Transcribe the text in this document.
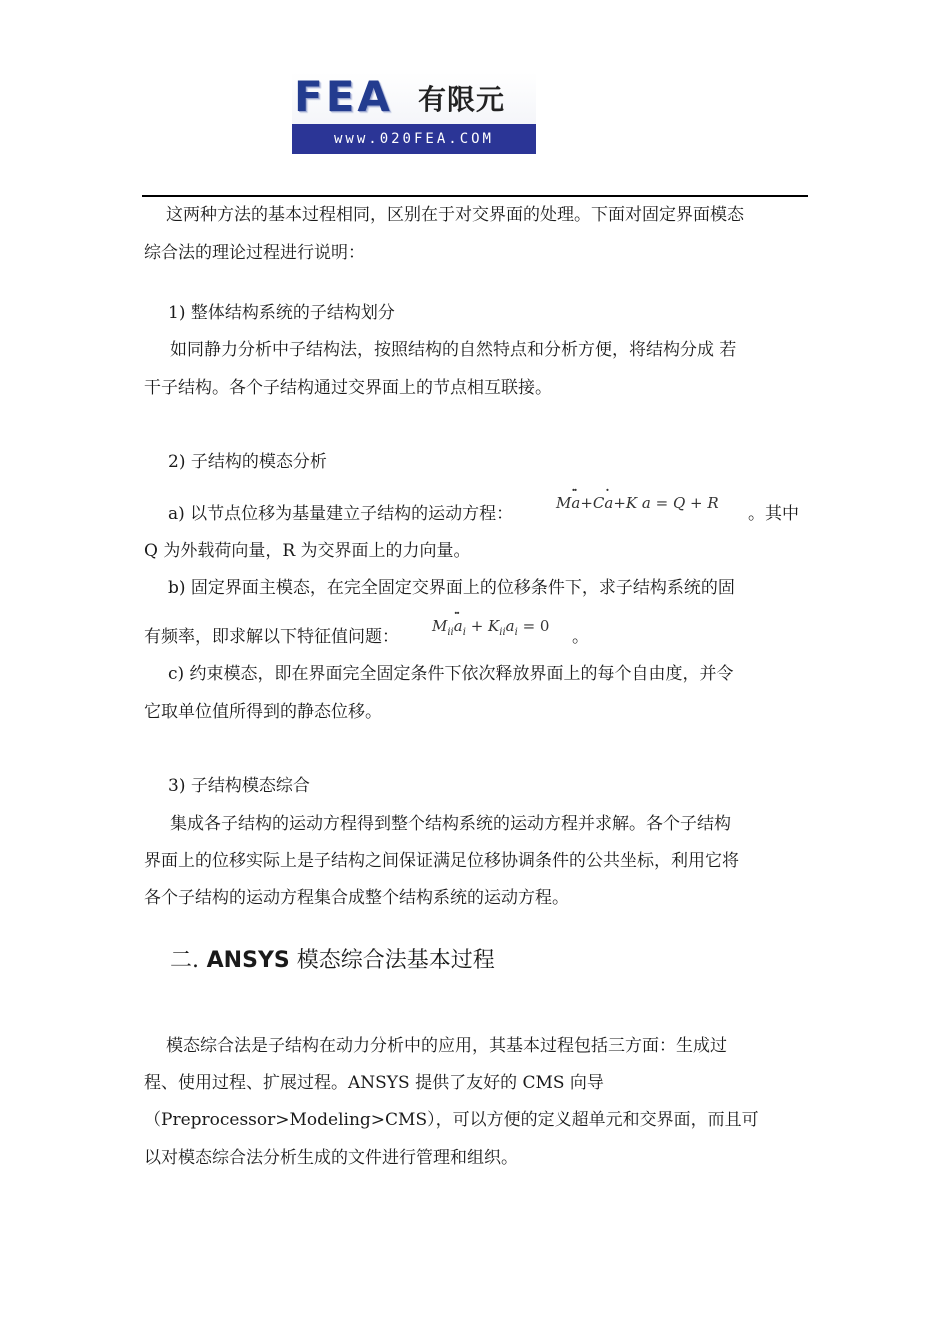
FEA 有限元
www.020FEA.COM
这两种方法的基本过程相同，区别在于对交界面的处理。下面对固定界面模态
综合法的理论过程进行说明：
1) 整体结构系统的子结构划分
如同静力分析中子结构法，按照结构的自然特点和分析方便，将结构分成 若
干子结构。各个子结构通过交界面上的节点相互联接。
2) 子结构的模态分析
a) 以节点位移为基量建立子结构的运动方程：
M·· a+C· a+K a = Q + R
。其中
Q 为外载荷向量，R 为交界面上的力向量。
b) 固定界面主模态，在完全固定交界面上的位移条件下，求子结构系统的固
有频率，即求解以下特征值问题：
$M_{ii}\cdot\cdot a_i + K_{ii}a_i = 0$
。
c) 约束模态，即在界面完全固定条件下依次释放界面上的每个自由度，并令
它取单位值所得到的静态位移。
3) 子结构模态综合
集成各子结构的运动方程得到整个结构系统的运动方程并求解。各个子结构
界面上的位移实际上是子结构之间保证满足位移协调条件的公共坐标，利用它将
各个子结构的运动方程集合成整个结构系统的运动方程。
二. ANSYS 模态综合法基本过程
模态综合法是子结构在动力分析中的应用，其基本过程包括三方面：生成过
程、使用过程、扩展过程。ANSYS 提供了友好的 CMS 向导
（Preprocessor>Modeling>CMS），可以方便的定义超单元和交界面，而且可
以对模态综合法分析生成的文件进行管理和组织。
